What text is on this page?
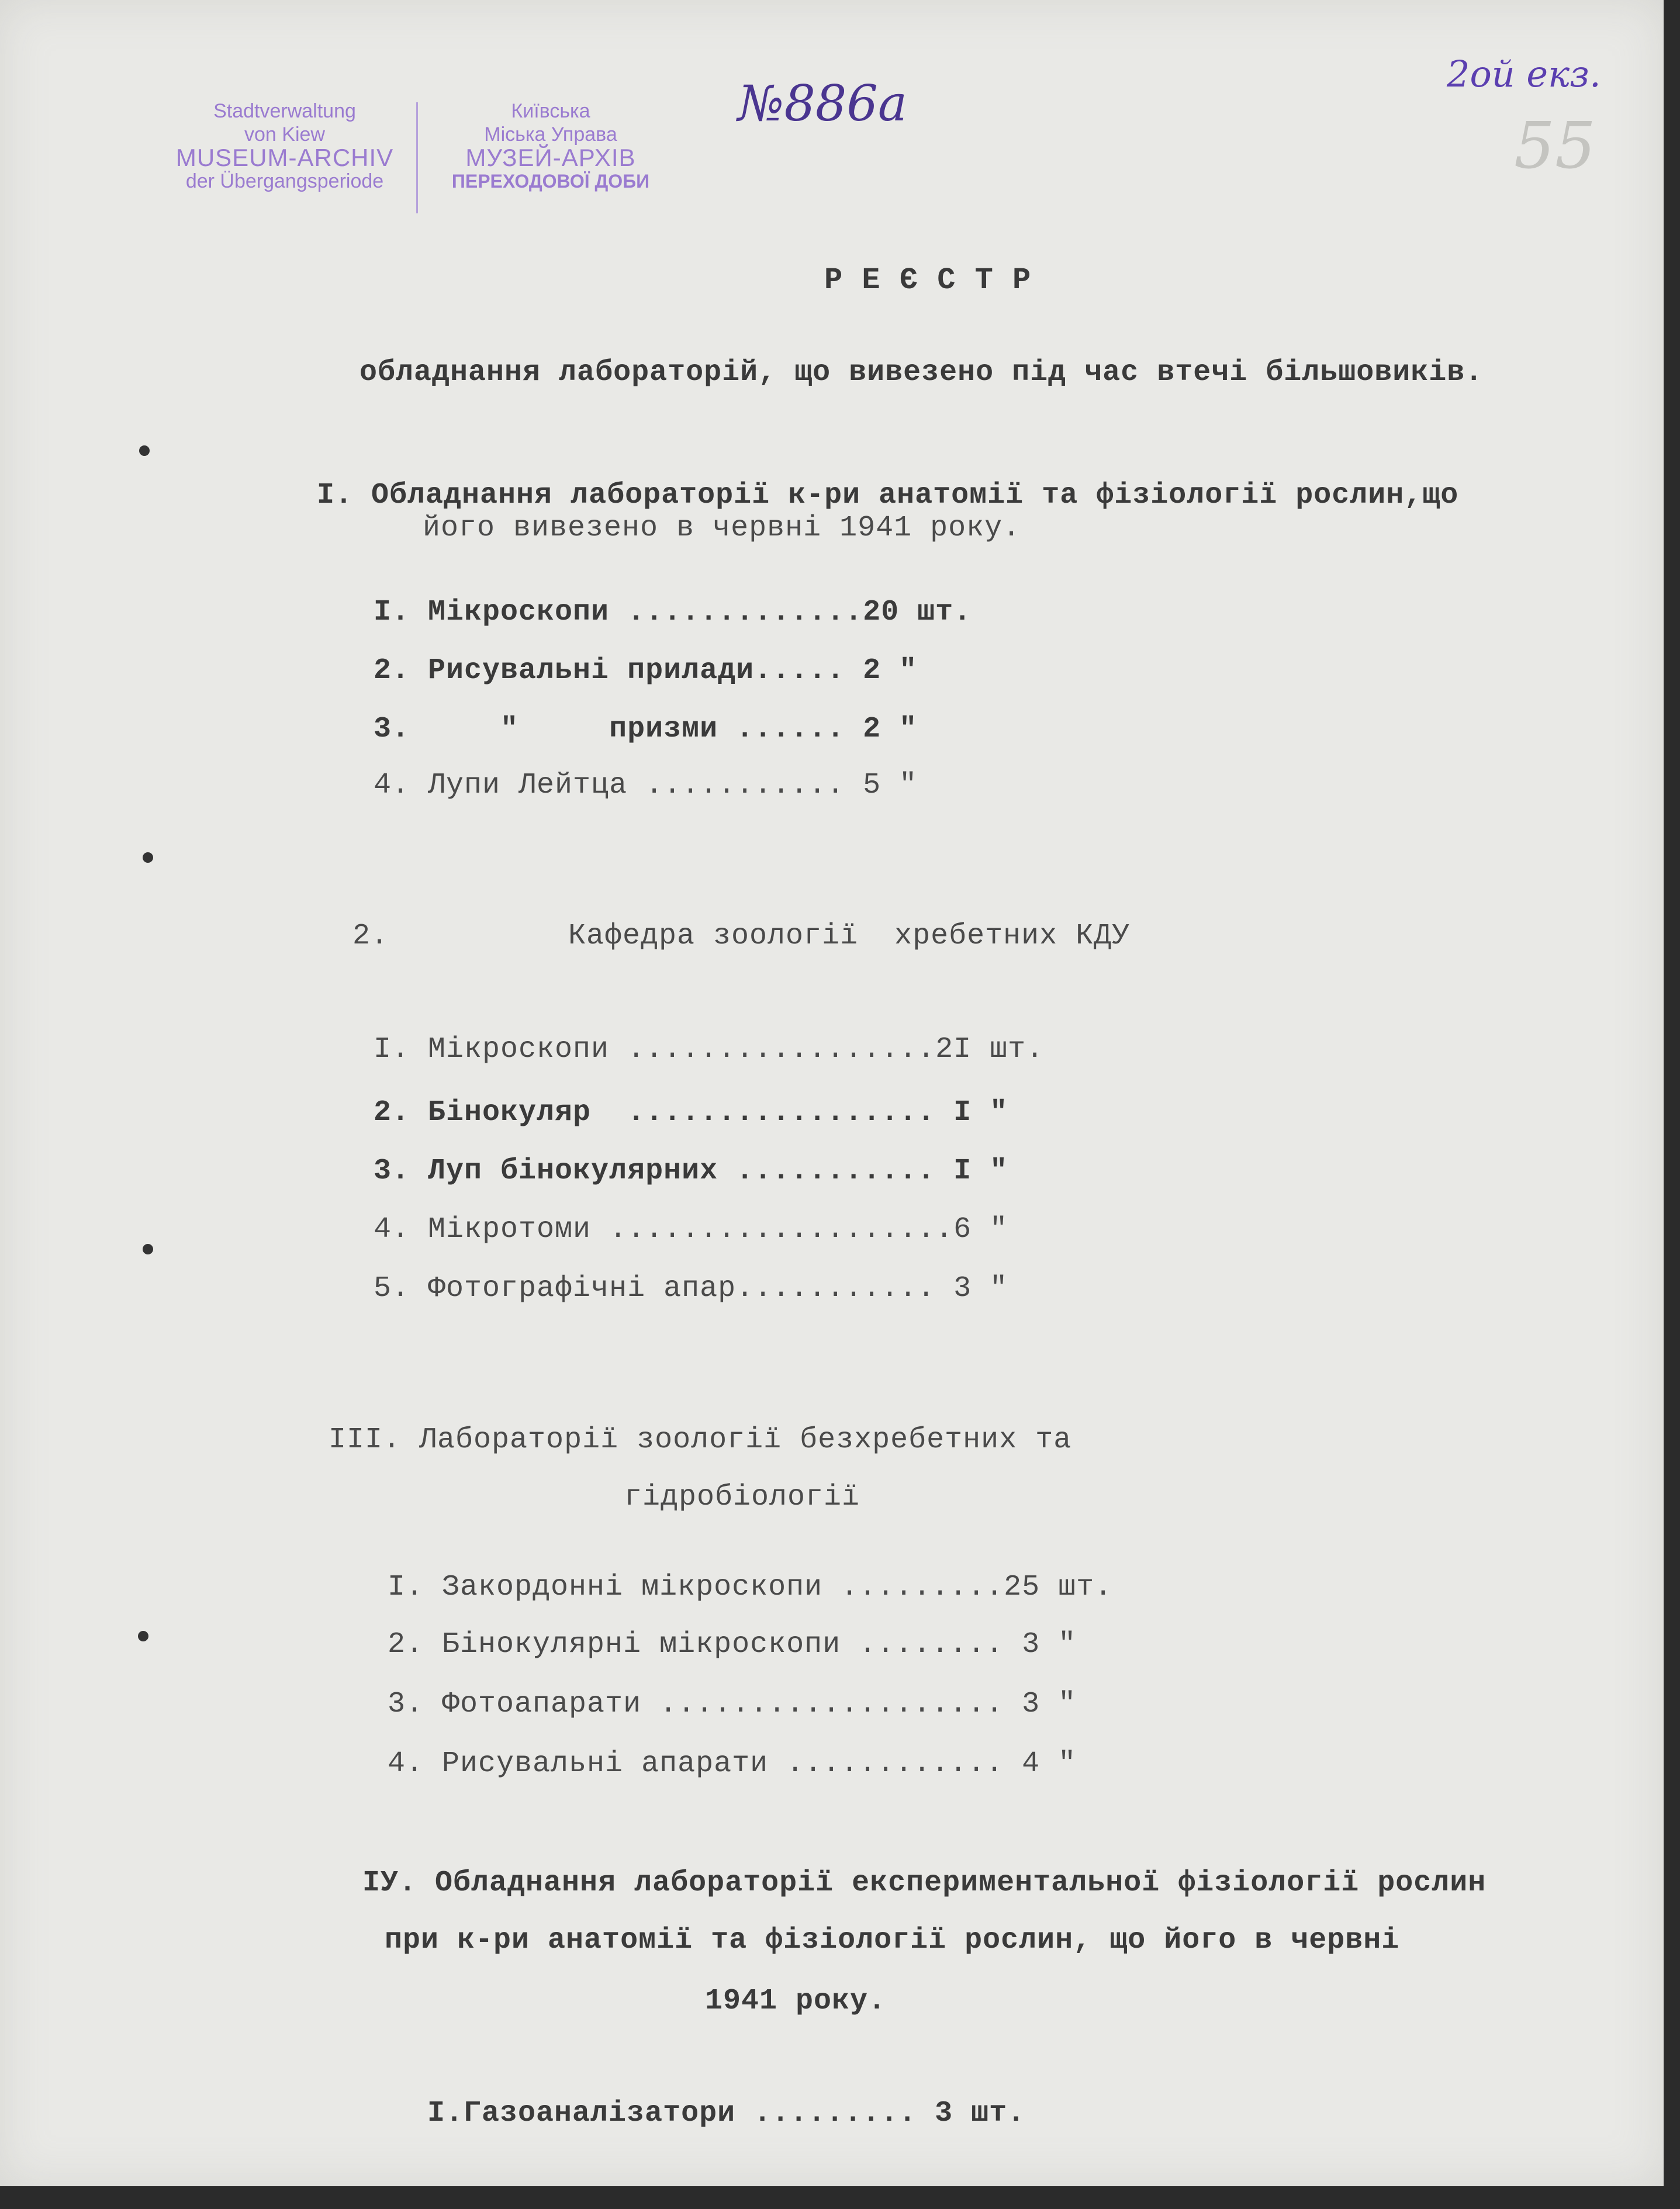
Stadtverwaltung
von Kiew
MUSEUM-ARCHIV
der Übergangsperiode
Київська
Міська Управа
МУЗЕЙ-АРХІВ
ПЕРЕХОДОВОЇ ДОБИ
№886а
2ой екз.
55
Р Е Є С Т Р
обладнання лабораторій, що вивезено під час втечі більшовиків.
I. Обладнання лабораторії к-ри анатомії та фізіології рослин,що
його вивезено в червні 1941 року.
I. Мікроскопи .............20 шт.
2. Рисувальні прилади..... 2 "
3.     "     призми ...... 2 "
4. Лупи Лейтца ........... 5 "
2.	Кафедра зоології  хребетних КДУ
I. Мікроскопи .................2I шт.
2. Бінокуляр  ................. I "
3. Луп бінокулярних ........... I "
4. Мікротоми ...................6 "
5. Фотографічні апар........... 3 "
III. Лабораторії зоології безхребетних та
гідробіології
I. Закордонні мікроскопи .........25 шт.
2. Бінокулярні мікроскопи ........ 3 "
3. Фотоапарати ................... 3 "
4. Рисувальні апарати ............ 4 "
IУ. Обладнання лабораторії експериментальної фізіології рослин
при к-ри анатомії та фізіології рослин, що його в червні
1941 року.
I.Газоаналізатори ......... 3 шт.
